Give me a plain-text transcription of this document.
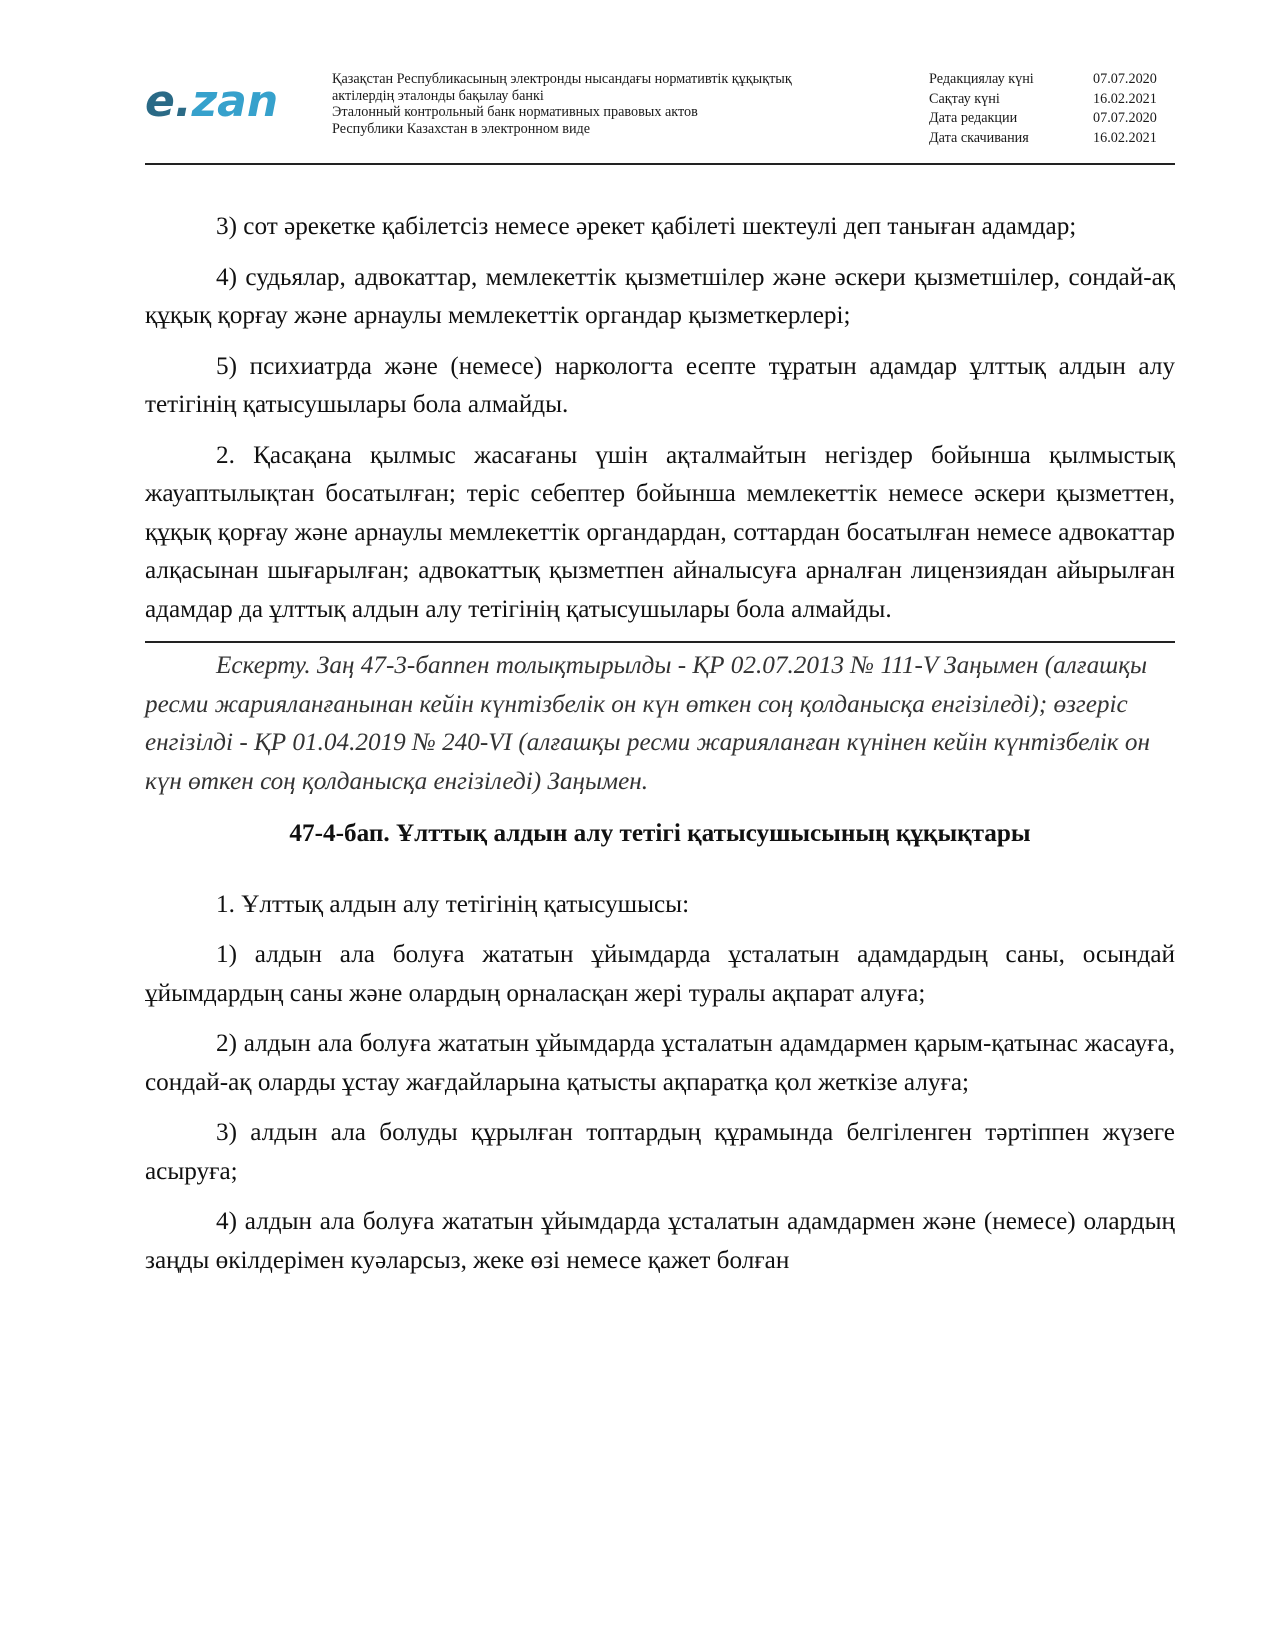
e.zan	Қазақстан Республикасының электронды нысандағы нормативтік құқықтық
актілердің эталонды бақылау банкі
Эталонный контрольный банк нормативных правовых актов
Республики Казахстан в электронном виде
Редакциялау күні	07.07.2020
Сақтау күні	16.02.2021
Дата редакции	07.07.2020
Дата скачивания	16.02.2021

3) сот әрекетке қабілетсіз немесе әрекет қабілеті шектеулі деп таныған адамдар;

4) судьялар, адвокаттар, мемлекеттік қызметшілер және әскери қызметшілер, сондай-ақ құқық қорғау және арнаулы мемлекеттік органдар қызметкерлері;

5) психиатрда және (немесе) наркологта есепте тұратын адамдар ұлттық алдын алу тетігінің қатысушылары бола алмайды.

2. Қасақана қылмыс жасағаны үшін ақталмайтын негіздер бойынша қылмыстық жауаптылықтан босатылған; теріс себептер бойынша мемлекеттік немесе әскери қызметтен, құқық қорғау және арнаулы мемлекеттік органдардан, соттардан босатылған немесе адвокаттар алқасынан шығарылған; адвокаттық қызметпен айналысуға арналған лицензиядан айырылған адамдар да ұлттық алдын алу тетігінің қатысушылары бола алмайды.

Ескерту. Заң 47-3-баппен толықтырылды - ҚР 02.07.2013 № 111-V Заңымен (алғашқы ресми жарияланғанынан кейін күнтізбелік он күн өткен соң қолданысқа енгізіледі); өзгеріс енгізілді - ҚР 01.04.2019 № 240-VI (алғашқы ресми жарияланған күнінен кейін күнтізбелік он күн өткен соң қолданысқа енгізіледі) Заңымен.

47-4-бап. Ұлттық алдын алу тетігі қатысушысының құқықтары

1. Ұлттық алдын алу тетігінің қатысушысы:

1) алдын ала болуға жататын ұйымдарда ұсталатын адамдардың саны, осындай ұйымдардың саны және олардың орналасқан жері туралы ақпарат алуға;

2) алдын ала болуға жататын ұйымдарда ұсталатын адамдармен қарым-қатынас жасауға, сондай-ақ оларды ұстау жағдайларына қатысты ақпаратқа қол жеткізе алуға;

3) алдын ала болуды құрылған топтардың құрамында белгіленген тәртіппен жүзеге асыруға;

4) алдын ала болуға жататын ұйымдарда ұсталатын адамдармен және (немесе) олардың заңды өкілдерімен куәларсыз, жеке өзі немесе қажет болған
